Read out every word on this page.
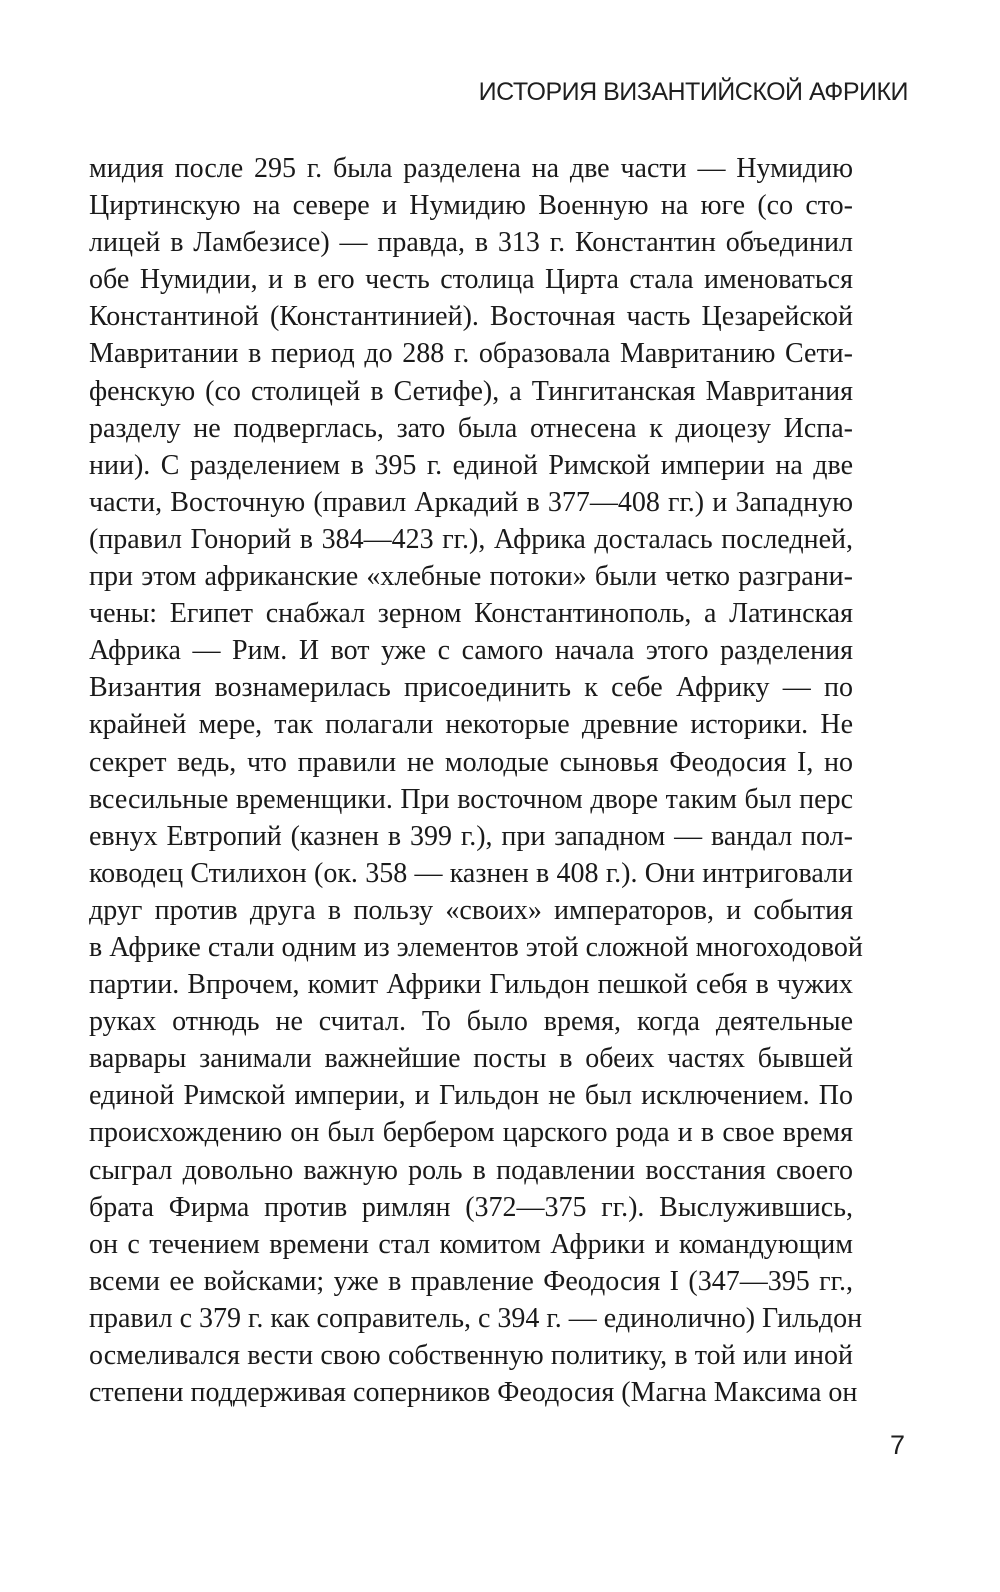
ИСТОРИЯ ВИЗАНТИЙСКОЙ АФРИКИ
мидия после 295 г. была разделена на две части — Нумидию
Циртинскую на севере и Нумидию Военную на юге (со сто-
лицей в Ламбезисе) — правда, в 313 г. Константин объединил
обе Нумидии, и в его честь столица Цирта стала именоваться
Константиной (Константинией). Восточная часть Цезарейской
Мавритании в период до 288 г. образовала Мавританию Сети-
фенскую (со столицей в Сетифе), а Тингитанская Мавритания
разделу не подверглась, зато была отнесена к диоцезу Испа-
нии). С разделением в 395 г. единой Римской империи на две
части, Восточную (правил Аркадий в 377—408 гг.) и Западную
(правил Гонорий в 384—423 гг.), Африка досталась последней,
при этом африканские «хлебные потоки» были четко разграни-
чены: Египет снабжал зерном Константинополь, а Латинская
Африка — Рим. И вот уже с самого начала этого разделения
Византия вознамерилась присоединить к себе Африку — по
крайней мере, так полагали некоторые древние историки. Не
секрет ведь, что правили не молодые сыновья Феодосия I, но
всесильные временщики. При восточном дворе таким был перс
евнух Евтропий (казнен в 399 г.), при западном — вандал пол-
ководец Стилихон (ок. 358 — казнен в 408 г.). Они интриговали
друг против друга в пользу «своих» императоров, и события
в Африке стали одним из элементов этой сложной многоходовой
партии. Впрочем, комит Африки Гильдон пешкой себя в чужих
руках отнюдь не считал. То было время, когда деятельные
варвары занимали важнейшие посты в обеих частях бывшей
единой Римской империи, и Гильдон не был исключением. По
происхождению он был бербером царского рода и в свое время
сыграл довольно важную роль в подавлении восстания своего
брата Фирма против римлян (372—375 гг.). Выслужившись,
он с течением времени стал комитом Африки и командующим
всеми ее войсками; уже в правление Феодосия I (347—395 гг.,
правил с 379 г. как соправитель, с 394 г. — единолично) Гильдон
осмеливался вести свою собственную политику, в той или иной
степени поддерживая соперников Феодосия (Магна Максима он
7
